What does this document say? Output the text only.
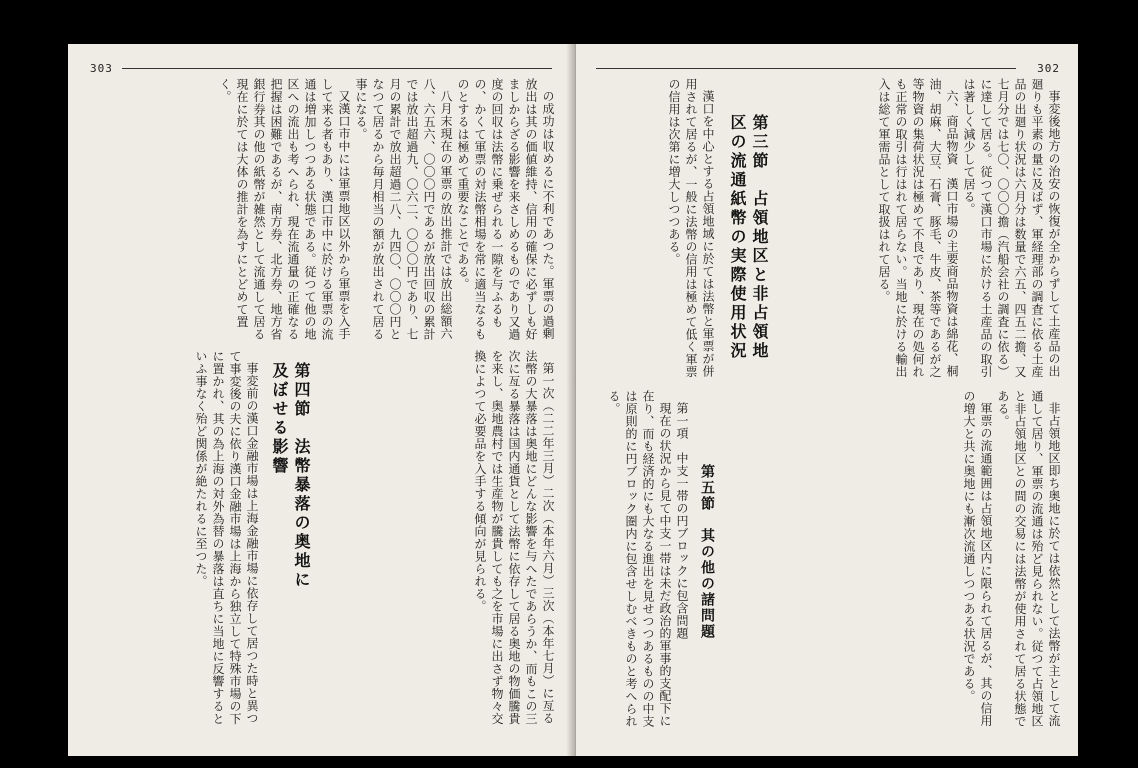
303

の成功は収めるに不利であつた。軍票の過剰放出は其の価値維持、信用の確保に必ずしも好ましからざる影響を来さしめるものであり又過度の回収は法幣に乗ぜられる一隙を与ふるもの、かくて軍票の対法幣相場を常に適当なるものとするは極めて重要なことである。

八月末現在の軍票の放出推計では放出総額六八、六五六、〇〇〇円であるが放出回収の累計では放出超過九、〇六二、〇〇〇円であり、七月の累計で放出超過二八、九四〇、〇〇〇円となつて居るから毎月相当の額が放出されて居る事になる。

又漢口市中には軍票地区以外から軍票を入手して来る者もあり、漢口市中に於ける軍票の流通は増加しつつある状態である。従つて他の地区への流出も考へられ、現在流通量の正確なる把握は困難であるが、南方券、北方券、地方省銀行券其の他の紙幣が雑然として流通して居る現在に於ては大体の推計を為すにとどめて置く。

第四節　法幣暴落の奥地に及ぼせる影響	第一次（二二年三月）二次（本年六月）三次（本年七月）に亙る法幣の大暴落は奥地にどんな影響を与へたであらうか、而もこの三次に亙る暴落は国内通貨として法幣に依存して居る奥地の物価騰貴を来し、奥地農村では生産物が騰貴しても之を市場に出さず物々交換によつて必要品を入手する傾向が見られる。

事変前の漢口金融市場は上海金融市場に依存して居つた時と異つて事変後の夫に依り漢口金融市場は上海から独立して特殊市場の下に置かれ、其の為上海の対外為替の暴落は直ちに当地に反響するといふ事なく殆ど関係が絶たれるに至つた。

302

事変後地方の治安の恢復が全からずして土産品の出廻りも平素の量に及ばず、軍経理部の調査に依る土産品の出廻り状況は六月分は数量で六五、四五二擔、又七月分では七〇、〇〇〇擔（汽船会社の調査に依る）に達して居る。従つて漢口市場に於ける土産品の取引は著しく減少して居る。

六、商品物資　漢口市場の主要商品物資は綿花、桐油、胡麻、大豆、石膏、豚毛、牛皮、茶等であるが之等物資の集荷状況は極めて不良であり、現在の処何れも正常の取引は行はれて居らない。当地に於ける輸出入は総て軍需品として取扱はれて居る。

第三節　占領地区と非占領地区の流通紙幣の実際使用状況

漢口を中心とする占領地域に於ては法幣と軍票が併用されて居るが、一般に法幣の信用は極めて低く軍票の信用は次第に増大しつつある。

非占領地区即ち奥地に於ては依然として法幣が主として流通して居り、軍票の流通は殆ど見られない。従つて占領地区と非占領地区との間の交易には法幣が使用されて居る状態である。

軍票の流通範囲は占領地区内に限られて居るが、其の信用の増大と共に奥地にも漸次流通しつつある状況である。

第五節　其の他の諸問題

第一項　中支一帯の円ブロックに包含問題

現在の状況から見て中支一帯は未だ政治的軍事的支配下に在り、而も経済的にも大なる進出を見せつつあるものの中支は原則的に円ブロック圏内に包含せしむべきものと考へられる。
